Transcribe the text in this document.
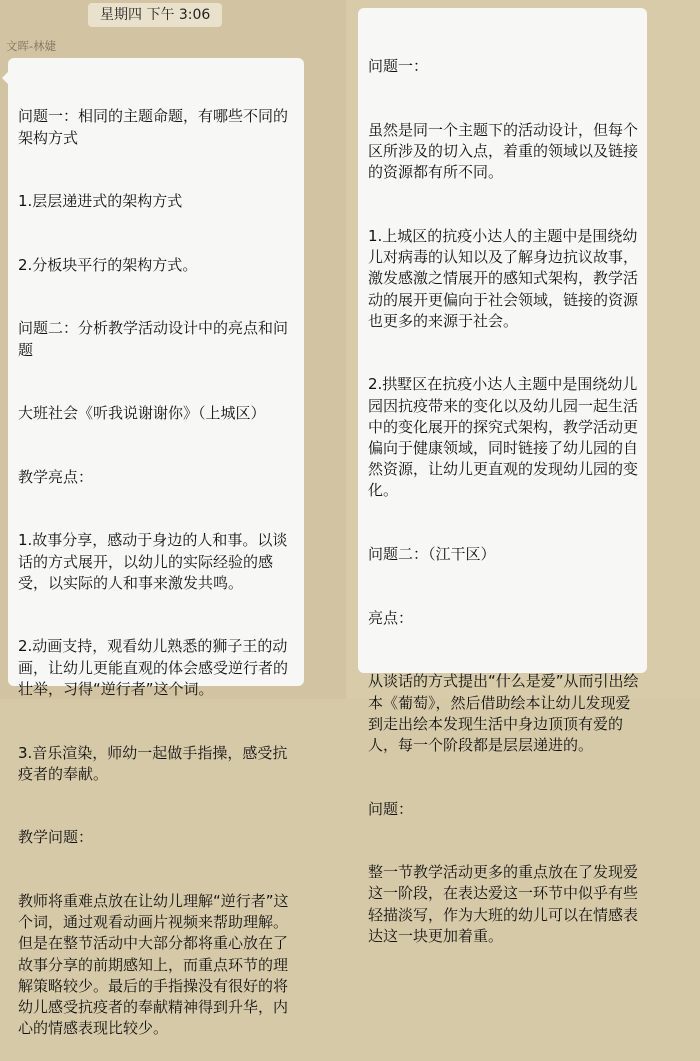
星期四 下午 3:06
文晖-林婕

问题一：相同的主题命题，有哪些不同的架构方式

1.层层递进式的架构方式

2.分板块平行的架构方式。

问题二：分析教学活动设计中的亮点和问题

大班社会《听我说谢谢你》（上城区）

教学亮点：

1.故事分享，感动于身边的人和事。以谈话的方式展开，以幼儿的实际经验的感受，以实际的人和事来激发共鸣。

2.动画支持，观看幼儿熟悉的狮子王的动画，让幼儿更能直观的体会感受逆行者的壮举，习得“逆行者”这个词。

3.音乐渲染，师幼一起做手指操，感受抗疫者的奉献。

教学问题：

教师将重难点放在让幼儿理解“逆行者”这个词，通过观看动画片视频来帮助理解。但是在整节活动中大部分都将重心放在了故事分享的前期感知上，而重点环节的理解策略较少。最后的手指操没有很好的将幼儿感受抗疫者的奉献精神得到升华，内心的情感表现比较少。

问题一：

虽然是同一个主题下的活动设计，但每个区所涉及的切入点，着重的领域以及链接的资源都有所不同。

1.上城区的抗疫小达人的主题中是围绕幼儿对病毒的认知以及了解身边抗议故事，激发感激之情展开的感知式架构，教学活动的展开更偏向于社会领域，链接的资源也更多的来源于社会。

2.拱墅区在抗疫小达人主题中是围绕幼儿园因抗疫带来的变化以及幼儿园一起生活中的变化展开的探究式架构，教学活动更偏向于健康领域，同时链接了幼儿园的自然资源，让幼儿更直观的发现幼儿园的变化。

问题二：（江干区）

亮点：

从谈话的方式提出“什么是爱”从而引出绘本《葡萄》，然后借助绘本让幼儿发现爱到走出绘本发现生活中身边顶顶有爱的人，每一个阶段都是层层递进的。

问题：

整一节教学活动更多的重点放在了发现爱这一阶段，在表达爱这一环节中似乎有些轻描淡写，作为大班的幼儿可以在情感表达这一块更加着重。
